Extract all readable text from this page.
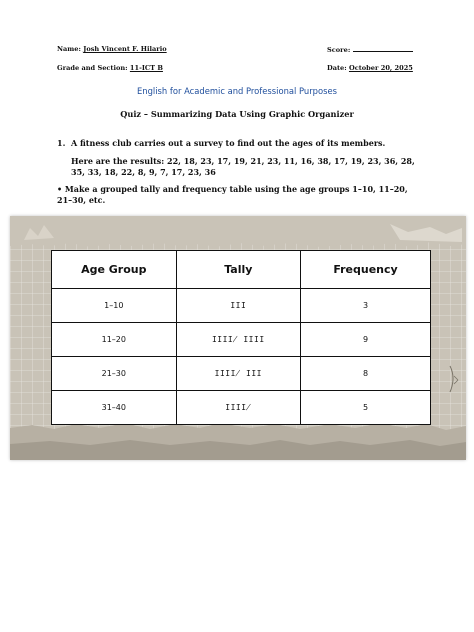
Name: Josh Vincent F. Hilario	Score:
Grade and Section: 11-ICT B	Date: October 20, 2025
English for Academic and Professional Purposes
Quiz – Summarizing Data Using Graphic Organizer
1. A fitness club carries out a survey to find out the ages of its members.
Here are the results: 22, 18, 23, 17, 19, 21, 23, 11, 16, 38, 17, 19, 23, 36, 28, 35, 33, 18, 22, 8, 9, 7, 17, 23, 36
• Make a grouped tally and frequency table using the age groups 1–10, 11–20, 21–30, etc.
Age Group	Tally	Frequency
1–10	III	3
11–20	IIII̸ IIII	9
21–30	IIII̸ III	8
31–40	IIII̸	5
